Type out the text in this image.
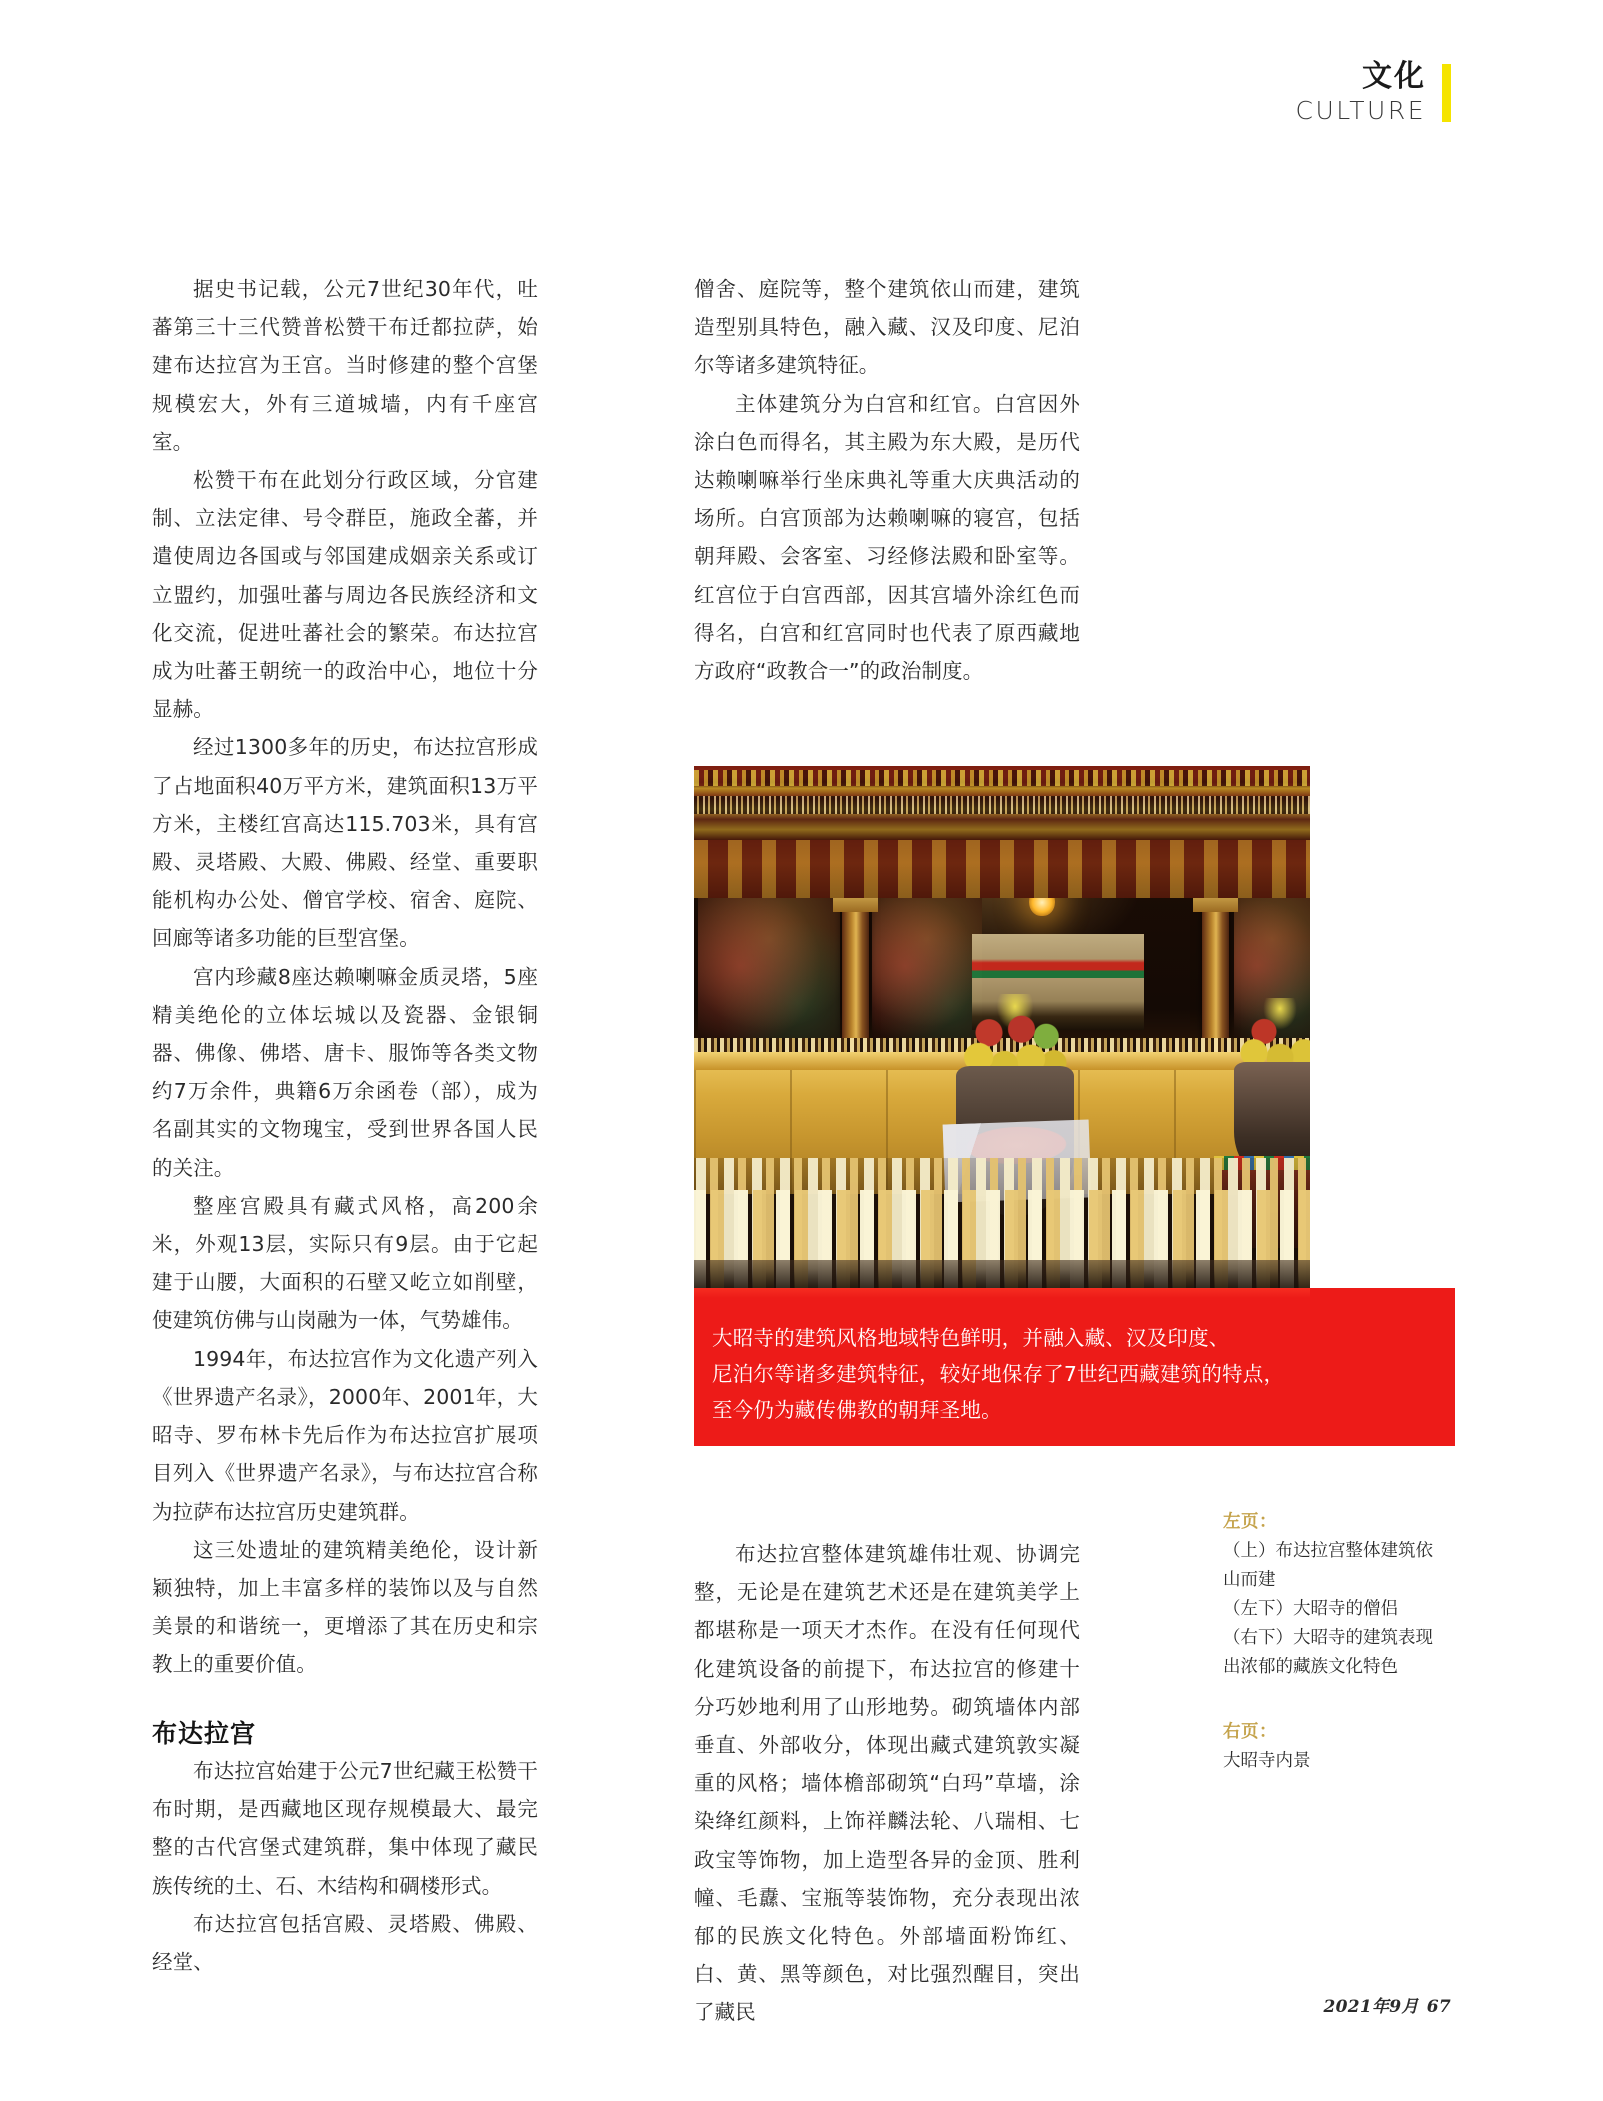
文化
CULTURE

据史书记载，公元7世纪30年代，吐蕃第三十三代赞普松赞干布迁都拉萨，始建布达拉宫为王宫。当时修建的整个宫堡规模宏大，外有三道城墙，内有千座宫室。

松赞干布在此划分行政区域，分官建制、立法定律、号令群臣，施政全蕃，并遣使周边各国或与邻国建成姻亲关系或订立盟约，加强吐蕃与周边各民族经济和文化交流，促进吐蕃社会的繁荣。布达拉宫成为吐蕃王朝统一的政治中心，地位十分显赫。

经过1300多年的历史，布达拉宫形成了占地面积40万平方米，建筑面积13万平方米，主楼红宫高达115.703米，具有宫殿、灵塔殿、大殿、佛殿、经堂、重要职能机构办公处、僧官学校、宿舍、庭院、回廊等诸多功能的巨型宫堡。

宫内珍藏8座达赖喇嘛金质灵塔，5座精美绝伦的立体坛城以及瓷器、金银铜器、佛像、佛塔、唐卡、服饰等各类文物约7万余件，典籍6万余函卷（部），成为名副其实的文物瑰宝，受到世界各国人民的关注。

整座宫殿具有藏式风格，高200余米，外观13层，实际只有9层。由于它起建于山腰，大面积的石壁又屹立如削壁，使建筑仿佛与山岗融为一体，气势雄伟。

1994年，布达拉宫作为文化遗产列入《世界遗产名录》，2000年、2001年，大昭寺、罗布林卡先后作为布达拉宫扩展项目列入《世界遗产名录》，与布达拉宫合称为拉萨布达拉宫历史建筑群。

这三处遗址的建筑精美绝伦，设计新颖独特，加上丰富多样的装饰以及与自然美景的和谐统一，更增添了其在历史和宗教上的重要价值。

布达拉宫

布达拉宫始建于公元7世纪藏王松赞干布时期，是西藏地区现存规模最大、最完整的古代宫堡式建筑群，集中体现了藏民族传统的土、石、木结构和碉楼形式。

布达拉宫包括宫殿、灵塔殿、佛殿、经堂、

僧舍、庭院等，整个建筑依山而建，建筑造型别具特色，融入藏、汉及印度、尼泊尔等诸多建筑特征。

主体建筑分为白宫和红官。白宫因外涂白色而得名，其主殿为东大殿，是历代达赖喇嘛举行坐床典礼等重大庆典活动的场所。白宫顶部为达赖喇嘛的寝宫，包括朝拜殿、会客室、习经修法殿和卧室等。红宫位于白宫西部，因其宫墙外涂红色而得名，白宫和红宫同时也代表了原西藏地方政府“政教合一”的政治制度。

大昭寺的建筑风格地域特色鲜明，并融入藏、汉及印度、

尼泊尔等诸多建筑特征，较好地保存了7世纪西藏建筑的特点，

至今仍为藏传佛教的朝拜圣地。

布达拉宫整体建筑雄伟壮观、协调完整，无论是在建筑艺术还是在建筑美学上都堪称是一项天才杰作。在没有任何现代化建筑设备的前提下，布达拉宫的修建十分巧妙地利用了山形地势。砌筑墙体内部垂直、外部收分，体现出藏式建筑敦实凝重的风格；墙体檐部砌筑“白玛”草墙，涂染绛红颜料，上饰祥麟法轮、八瑞相、七政宝等饰物，加上造型各异的金顶、胜利幢、毛纛、宝瓶等装饰物，充分表现出浓郁的民族文化特色。外部墙面粉饰红、白、黄、黑等颜色，对比强烈醒目，突出了藏民

左页：

（上）布达拉宫整体建筑依

山而建

（左下）大昭寺的僧侣

（右下）大昭寺的建筑表现

出浓郁的藏族文化特色

右页：

大昭寺内景

2021年9月 67
